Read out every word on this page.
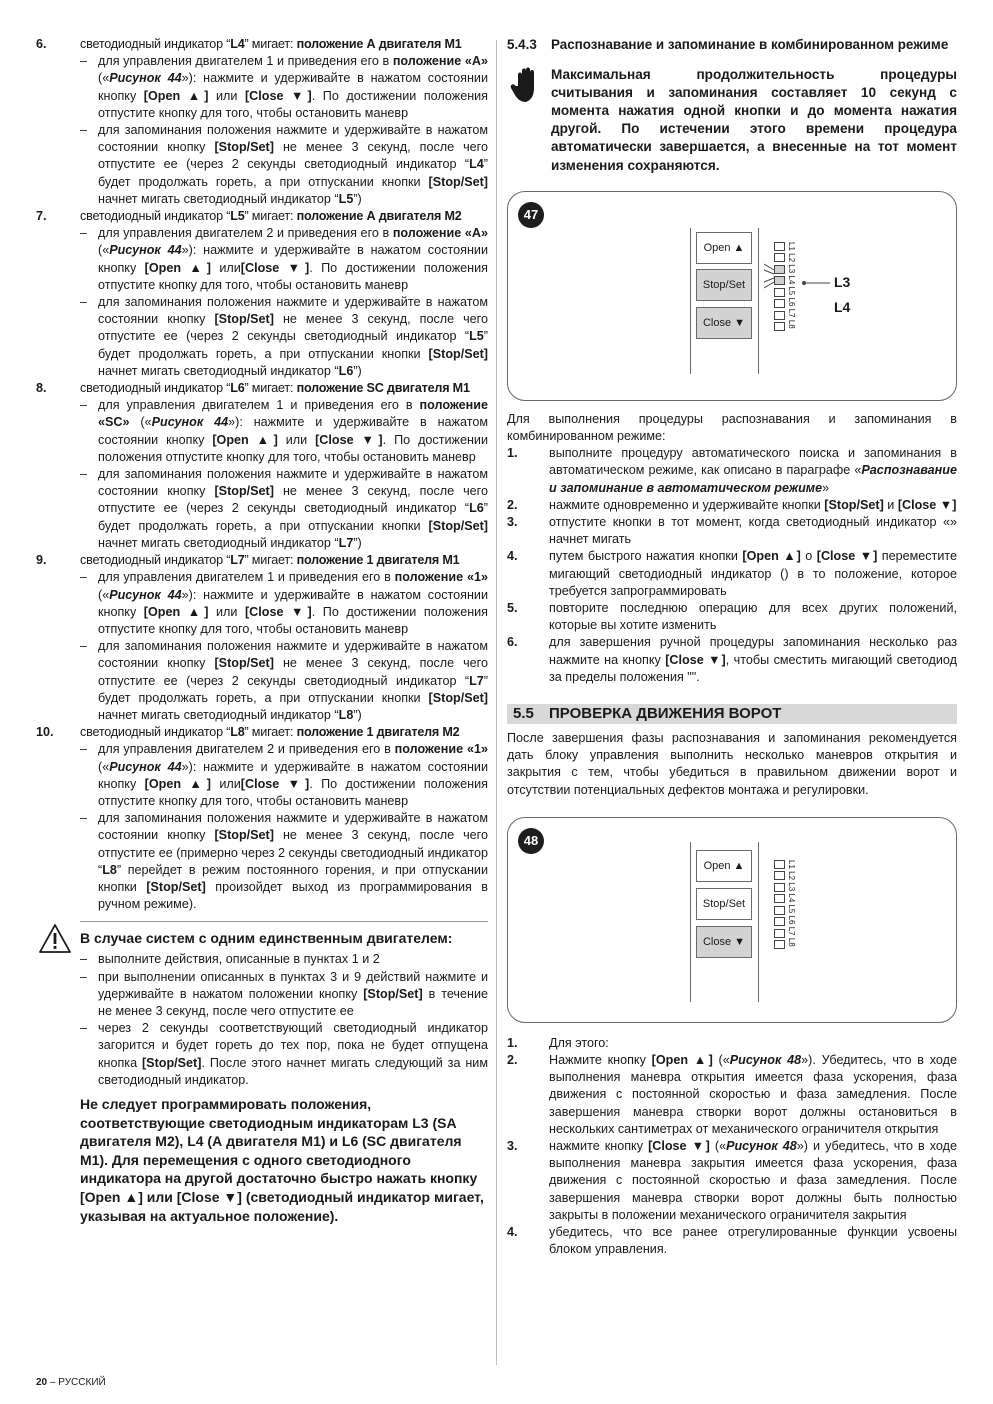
6.	светодиодный индикатор “L4” мигает: положение А двигателя М1
– для управления двигателем 1 и приведения его в положение «А» («Рисунок 44»): нажмите и удерживайте в нажатом состоянии кнопку [Open ▲] или [Close ▼]. По достижении положения отпустите кнопку для того, чтобы остановить маневр
– для запоминания положения нажмите и удерживайте в нажатом состоянии кнопку [Stop/Set] не менее 3 секунд, после чего отпустите ее (через 2 секунды светодиодный индикатор “L4” будет продолжать гореть, а при отпускании кнопки [Stop/Set] начнет мигать светодиодный индикатор “L5”)
7.	светодиодный индикатор “L5” мигает: положение А двигателя М2
– для управления двигателем 2 и приведения его в положение «А» («Рисунок 44»): нажмите и удерживайте в нажатом состоянии кнопку [Open ▲] или[Close ▼]. По достижении положения отпустите кнопку для того, чтобы остановить маневр
– для запоминания положения нажмите и удерживайте в нажатом состоянии кнопку [Stop/Set] не менее 3 секунд, после чего отпустите ее (через 2 секунды светодиодный индикатор “L5” будет продолжать гореть, а при отпускании кнопки [Stop/Set] начнет мигать светодиодный индикатор “L6”)
8.	светодиодный индикатор “L6” мигает: положение SC двигателя М1
– для управления двигателем 1 и приведения его в положение «SC» («Рисунок 44»): нажмите и удерживайте в нажатом состоянии кнопку [Open ▲] или [Close ▼]. По достижении положения отпустите кнопку для того, чтобы остановить маневр
– для запоминания положения нажмите и удерживайте в нажатом состоянии кнопку [Stop/Set] не менее 3 секунд, после чего отпустите ее (через 2 секунды светодиодный индикатор “L6” будет продолжать гореть, а при отпускании кнопки [Stop/Set] начнет мигать светодиодный индикатор “L7”)
9.	светодиодный индикатор “L7” мигает: положение 1 двигателя М1
– для управления двигателем 1 и приведения его в положение «1» («Рисунок 44»): нажмите и удерживайте в нажатом состоянии кнопку [Open ▲] или [Close ▼]. По достижении положения отпустите кнопку для того, чтобы остановить маневр
– для запоминания положения нажмите и удерживайте в нажатом состоянии кнопку [Stop/Set] не менее 3 секунд, после чего отпустите ее (через 2 секунды светодиодный индикатор “L7” будет продолжать гореть, а при отпускании кнопки [Stop/Set] начнет мигать светодиодный индикатор “L8”)
10.	светодиодный индикатор “L8” мигает: положение 1 двигателя М2
– для управления двигателем 2 и приведения его в положение «1» («Рисунок 44»): нажмите и удерживайте в нажатом состоянии кнопку [Open ▲] или[Close ▼]. По достижении положения отпустите кнопку для того, чтобы остановить маневр
– для запоминания положения нажмите и удерживайте в нажатом состоянии кнопку [Stop/Set] не менее 3 секунд, после чего отпустите ее (примерно через 2 секунды светодиодный индикатор “L8” перейдет в режим постоянного горения, и при отпускании кнопки [Stop/Set] произойдет выход из программирования в ручном режиме).
В случае систем с одним единственным двигателем:
– выполните действия, описанные в пунктах 1 и 2
– при выполнении описанных в пунктах 3 и 9 действий нажмите и удерживайте в нажатом положении кнопку [Stop/Set] в течение не менее 3 секунд, после чего отпустите ее
– через 2 секунды соответствующий светодиодный индикатор загорится и будет гореть до тех пор, пока не будет отпущена кнопка [Stop/Set]. После этого начнет мигать следующий за ним светодиодный индикатор.
Не следует программировать положения, соответствующие светодиодным индикаторам L3 (SA двигателя М2), L4 (А двигателя М1) и L6 (SC двигателя М1). Для перемещения с одного светодиодного индикатора на другой достаточно быстро нажать кнопку [Open ▲] или [Close ▼] (светодиодный индикатор мигает, указывая на актуальное положение).
5.4.3 Распознавание и запоминание в комбинированном режиме
Максимальная продолжительность процедуры считывания и запоминания составляет 10 секунд с момента нажатия одной кнопки и до момента нажатия другой. По истечении этого времени процедура автоматически завершается, а внесенные на тот момент изменения сохраняются.
47
Open ▲
Stop/Set
Close ▼	L1 L2 L3 L4 L5 L6 L7 L8	L3
L4
Для выполнения процедуры распознавания и запоминания в комбинированном режиме:
1.	выполните процедуру автоматического поиска и запоминания в автоматическом режиме, как описано в параграфе «Распознавание и запоминание в автоматическом режиме»
2.	нажмите одновременно и удерживайте кнопки [Stop/Set] и [Close ▼]
3.	отпустите кнопки в тот момент, когда светодиодный индикатор «» начнет мигать
4.	путем быстрого нажатия кнопки [Open ▲] о [Close ▼] переместите мигающий светодиодный индикатор () в то положение, которое требуется запрограммировать
5.	повторите последнюю операцию для всех других положений, которые вы хотите изменить
6.	для завершения ручной процедуры запоминания несколько раз нажмите на кнопку [Close ▼], чтобы сместить мигающий светодиод за пределы положения "".
5.5 ПРОВЕРКА ДВИЖЕНИЯ ВОРОТ
После завершения фазы распознавания и запоминания рекомендуется дать блоку управления выполнить несколько маневров открытия и закрытия с тем, чтобы убедиться в правильном движении ворот и отсутствии потенциальных дефектов монтажа и регулировки.
48
Open ▲
Stop/Set
Close ▼	L1 L2 L3 L4 L5 L6 L7 L8
1.	Для этого:
2.	Нажмите кнопку [Open ▲] («Рисунок 48»). Убедитесь, что в ходе выполнения маневра открытия имеется фаза ускорения, фаза движения с постоянной скоростью и фаза замедления. После завершения маневра створки ворот должны остановиться в нескольких сантиметрах от механического ограничителя открытия
3.	нажмите кнопку [Close ▼] («Рисунок 48») и убедитесь, что в ходе выполнения маневра закрытия имеется фаза ускорения, фаза движения с постоянной скоростью и фаза замедления. После завершения маневра створки ворот должны быть полностью закрыты в положении механического ограничителя закрытия
4.	убедитесь, что все ранее отрегулированные функции усвоены блоком управления.
20 – РУССКИЙ
